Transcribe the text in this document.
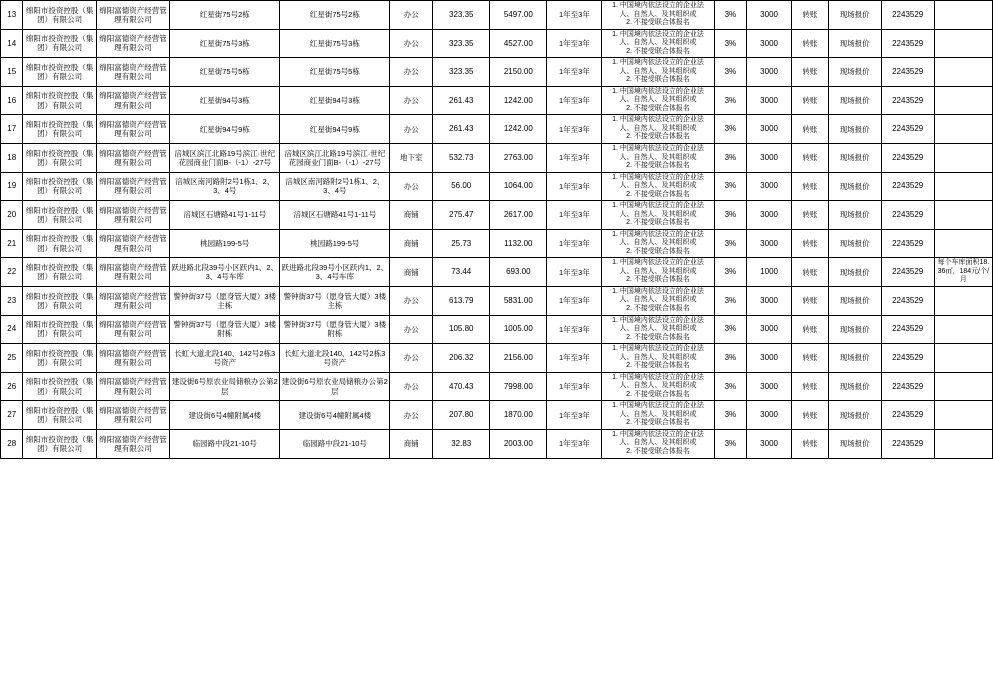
13	绵阳市投资控股（集团）有限公司	绵阳富德资产经营管理有限公司	红星街75号2栋	红星街75号2栋	办公	323.35	5497.00	1年至3年	1. 中国境内依法设立的企业法
人、自然人、及其组织或
2. 不接受联合体报名	3%	3000	转账	现场报价	2243529	
14	绵阳市投资控股（集团）有限公司	绵阳富德资产经营管理有限公司	红星街75号3栋	红星街75号3栋	办公	323.35	4527.00	1年至3年	1. 中国境内依法设立的企业法
人、自然人、及其组织或
2. 不接受联合体报名	3%	3000	转账	现场报价	2243529	
15	绵阳市投资控股（集团）有限公司	绵阳富德资产经营管理有限公司	红星街75号5栋	红星街75号5栋	办公	323.35	2150.00	1年至3年	1. 中国境内依法设立的企业法
人、自然人、及其组织或
2. 不接受联合体报名	3%	3000	转账	现场报价	2243529	
16	绵阳市投资控股（集团）有限公司	绵阳富德资产经营管理有限公司	红星街94号3栋	红星街94号3栋	办公	261.43	1242.00	1年至3年	1. 中国境内依法设立的企业法
人、自然人、及其组织或
2. 不接受联合体报名	3%	3000	转账	现场报价	2243529	
17	绵阳市投资控股（集团）有限公司	绵阳富德资产经营管理有限公司	红星街94号9栋	红星街94号9栋	办公	261.43	1242.00	1年至3年	1. 中国境内依法设立的企业法
人、自然人、及其组织或
2. 不接受联合体报名	3%	3000	转账	现场报价	2243529	
18	绵阳市投资控股（集团）有限公司	绵阳富德资产经营管理有限公司	涪城区滨江北路19号滨江·世纪花园商业门面B-（-1）-27号	涪城区滨江北路19号滨江·世纪花园商业门面B-（-1）-27号	地下室	532.73	2763.00	1年至3年	1. 中国境内依法设立的企业法
人、自然人、及其组织或
2. 不接受联合体报名	3%	3000	转账	现场报价	2243529	
19	绵阳市投资控股（集团）有限公司	绵阳富德资产经营管理有限公司	涪城区南河路附2号1栋1、2、3、4号	涪城区南河路附2号1栋1、2、3、4号	办公	56.00	1064.00	1年至3年	1. 中国境内依法设立的企业法
人、自然人、及其组织或
2. 不接受联合体报名	3%	3000	转账	现场报价	2243529	
20	绵阳市投资控股（集团）有限公司	绵阳富德资产经营管理有限公司	涪城区石塘路41号1-11号	涪城区石塘路41号1-11号	商铺	275.47	2617.00	1年至3年	1. 中国境内依法设立的企业法
人、自然人、及其组织或
2. 不接受联合体报名	3%	3000	转账	现场报价	2243529	
21	绵阳市投资控股（集团）有限公司	绵阳富德资产经营管理有限公司	桃园路199-5号	桃园路199-5号	商铺	25.73	1132.00	1年至3年	1. 中国境内依法设立的企业法
人、自然人、及其组织或
2. 不接受联合体报名	3%	3000	转账	现场报价	2243529	
22	绵阳市投资控股（集团）有限公司	绵阳富德资产经营管理有限公司	跃进路北段39号小区跃内1、2、3、4号车库	跃进路北段39号小区跃内1、2、3、4号车库	商铺	73.44	693.00	1年至3年	1. 中国境内依法设立的企业法
人、自然人、及其组织或
2. 不接受联合体报名	3%	1000	转账	现场报价	2243529	每个车库面积18.36㎡，184元/个/月
23	绵阳市投资控股（集团）有限公司	绵阳富德资产经营管理有限公司	警钟街37号（愿身管大厦）3楼主栋	警钟街37号（愿身管大厦）3楼主栋	办公	613.79	5831.00	1年至3年	1. 中国境内依法设立的企业法
人、自然人、及其组织或
2. 不接受联合体报名	3%	3000	转账	现场报价	2243529	
24	绵阳市投资控股（集团）有限公司	绵阳富德资产经营管理有限公司	警钟街37号（愿身管大厦）3楼附栋	警钟街37号（愿身管大厦）3楼附栋	办公	105.80	1005.00	1年至3年	1. 中国境内依法设立的企业法
人、自然人、及其组织或
2. 不接受联合体报名	3%	3000	转账	现场报价	2243529	
25	绵阳市投资控股（集团）有限公司	绵阳富德资产经营管理有限公司	长虹大道北段140、142号2栋3号资产	长虹大道北段140、142号2栋3号资产	办公	206.32	2156.00	1年至3年	1. 中国境内依法设立的企业法
人、自然人、及其组织或
2. 不接受联合体报名	3%	3000	转账	现场报价	2243529	
26	绵阳市投资控股（集团）有限公司	绵阳富德资产经营管理有限公司	建设街6号原农业局储粮办公第2层	建设街6号原农业局储粮办公第2层	办公	470.43	7998.00	1年至3年	1. 中国境内依法设立的企业法
人、自然人、及其组织或
2. 不接受联合体报名	3%	3000	转账	现场报价	2243529	
27	绵阳市投资控股（集团）有限公司	绵阳富德资产经营管理有限公司	建设街6号4幢附属4楼	建设街6号4幢附属4楼	办公	207.80	1870.00	1年至3年	1. 中国境内依法设立的企业法
人、自然人、及其组织或
2. 不接受联合体报名	3%	3000	转账	现场报价	2243529	
28	绵阳市投资控股（集团）有限公司	绵阳富德资产经营管理有限公司	临园路中段21-10号	临园路中段21-10号	商铺	32.83	2003.00	1年至3年	1. 中国境内依法设立的企业法
人、自然人、及其组织或
2. 不接受联合体报名	3%	3000	转账	现场报价	2243529	
